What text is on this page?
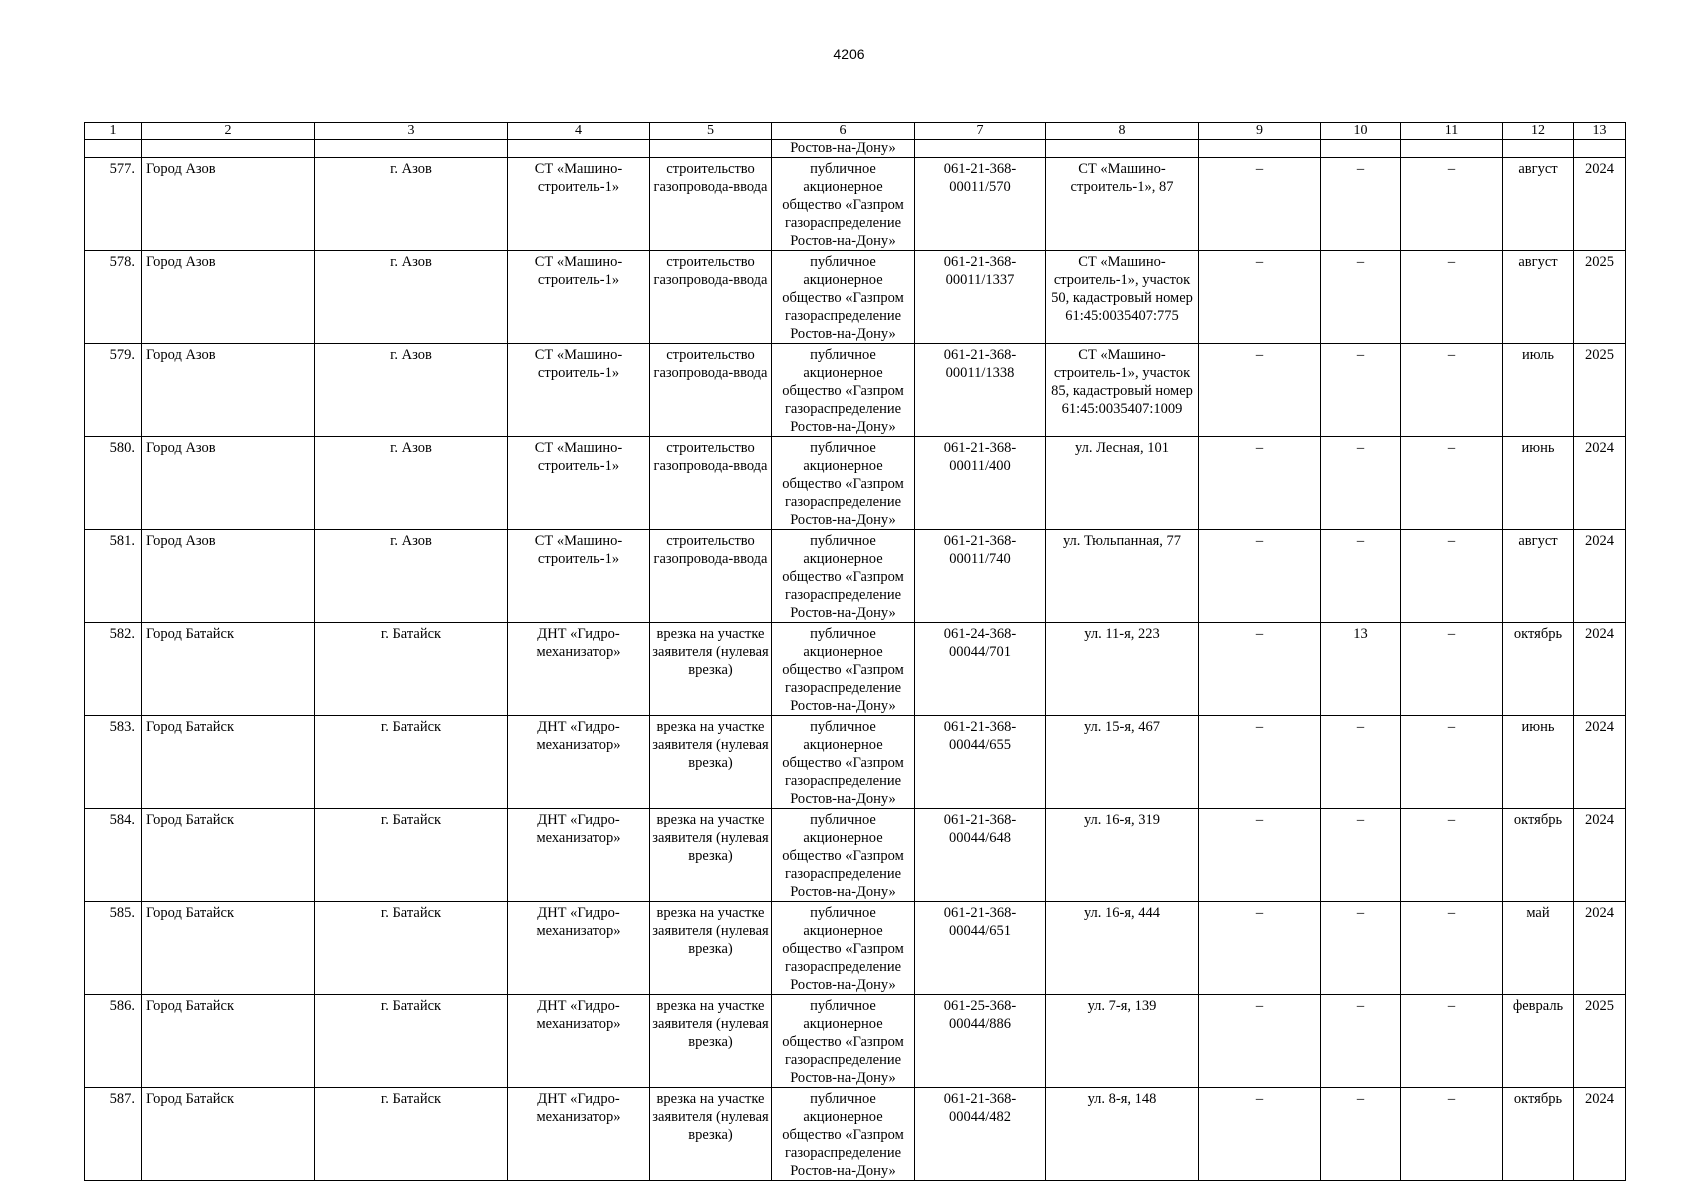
4206
1	2	3	4	5	6	7	8	9	10	11	12	13
					Ростов-на-Дону»							
577.	Город Азов	г. Азов	СТ «Машино-строитель-1»	строительство газопровода-ввода	публичное акционерное общество «Газпром газораспределение Ростов-на-Дону»	061-21-368-00011/570	СТ «Машино-строитель-1», 87	–	–	–	август	2024
578.	Город Азов	г. Азов	СТ «Машино-строитель-1»	строительство газопровода-ввода	публичное акционерное общество «Газпром газораспределение Ростов-на-Дону»	061-21-368-00011/1337	СТ «Машино-строитель-1», участок 50, кадастровый номер 61:45:0035407:775	–	–	–	август	2025
579.	Город Азов	г. Азов	СТ «Машино-строитель-1»	строительство газопровода-ввода	публичное акционерное общество «Газпром газораспределение Ростов-на-Дону»	061-21-368-00011/1338	СТ «Машино-строитель-1», участок 85, кадастровый номер 61:45:0035407:1009	–	–	–	июль	2025
580.	Город Азов	г. Азов	СТ «Машино-строитель-1»	строительство газопровода-ввода	публичное акционерное общество «Газпром газораспределение Ростов-на-Дону»	061-21-368-00011/400	ул. Лесная, 101	–	–	–	июнь	2024
581.	Город Азов	г. Азов	СТ «Машино-строитель-1»	строительство газопровода-ввода	публичное акционерное общество «Газпром газораспределение Ростов-на-Дону»	061-21-368-00011/740	ул. Тюльпанная, 77	–	–	–	август	2024
582.	Город Батайск	г. Батайск	ДНТ «Гидро-механизатор»	врезка на участке заявителя (нулевая врезка)	публичное акционерное общество «Газпром газораспределение Ростов-на-Дону»	061-24-368-00044/701	ул. 11-я, 223	–	13	–	октябрь	2024
583.	Город Батайск	г. Батайск	ДНТ «Гидро-механизатор»	врезка на участке заявителя (нулевая врезка)	публичное акционерное общество «Газпром газораспределение Ростов-на-Дону»	061-21-368-00044/655	ул. 15-я, 467	–	–	–	июнь	2024
584.	Город Батайск	г. Батайск	ДНТ «Гидро-механизатор»	врезка на участке заявителя (нулевая врезка)	публичное акционерное общество «Газпром газораспределение Ростов-на-Дону»	061-21-368-00044/648	ул. 16-я, 319	–	–	–	октябрь	2024
585.	Город Батайск	г. Батайск	ДНТ «Гидро-механизатор»	врезка на участке заявителя (нулевая врезка)	публичное акционерное общество «Газпром газораспределение Ростов-на-Дону»	061-21-368-00044/651	ул. 16-я, 444	–	–	–	май	2024
586.	Город Батайск	г. Батайск	ДНТ «Гидро-механизатор»	врезка на участке заявителя (нулевая врезка)	публичное акционерное общество «Газпром газораспределение Ростов-на-Дону»	061-25-368-00044/886	ул. 7-я, 139	–	–	–	февраль	2025
587.	Город Батайск	г. Батайск	ДНТ «Гидро-механизатор»	врезка на участке заявителя (нулевая врезка)	публичное акционерное общество «Газпром газораспределение Ростов-на-Дону»	061-21-368-00044/482	ул. 8-я, 148	–	–	–	октябрь	2024
